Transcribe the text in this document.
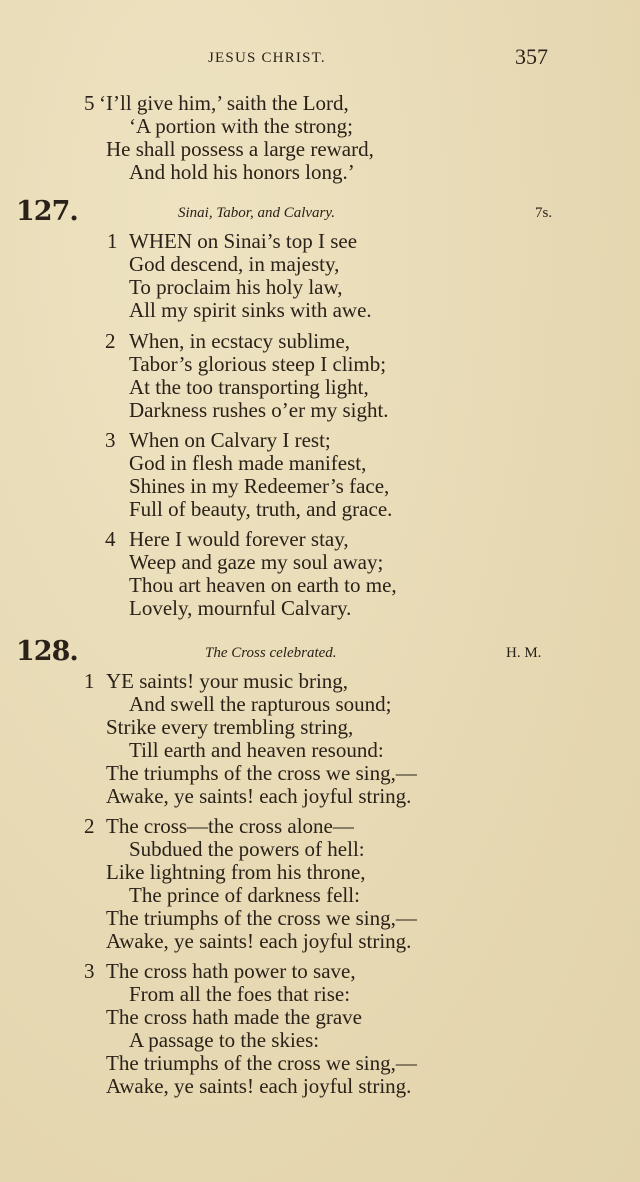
JESUS CHRIST.	357
5 ‘I’ll give him,’ saith the Lord,
‘A portion with the strong;
He shall possess a large reward,
And hold his honors long.’
127.	Sinai, Tabor, and Calvary.	7s.
1 WHEN on Sinai’s top I see
God descend, in majesty,
To proclaim his holy law,
All my spirit sinks with awe.
2 When, in ecstacy sublime,
Tabor’s glorious steep I climb;
At the too transporting light,
Darkness rushes o’er my sight.
3 When on Calvary I rest;
God in flesh made manifest,
Shines in my Redeemer’s face,
Full of beauty, truth, and grace.
4 Here I would forever stay,
Weep and gaze my soul away;
Thou art heaven on earth to me,
Lovely, mournful Calvary.
128.	The Cross celebrated.	H. M.
1 YE saints! your music bring,
And swell the rapturous sound;
Strike every trembling string,
Till earth and heaven resound:
The triumphs of the cross we sing,—
Awake, ye saints! each joyful string.
2 The cross—the cross alone—
Subdued the powers of hell:
Like lightning from his throne,
The prince of darkness fell:
The triumphs of the cross we sing,—
Awake, ye saints! each joyful string.
3 The cross hath power to save,
From all the foes that rise:
The cross hath made the grave
A passage to the skies:
The triumphs of the cross we sing,—
Awake, ye saints! each joyful string.
